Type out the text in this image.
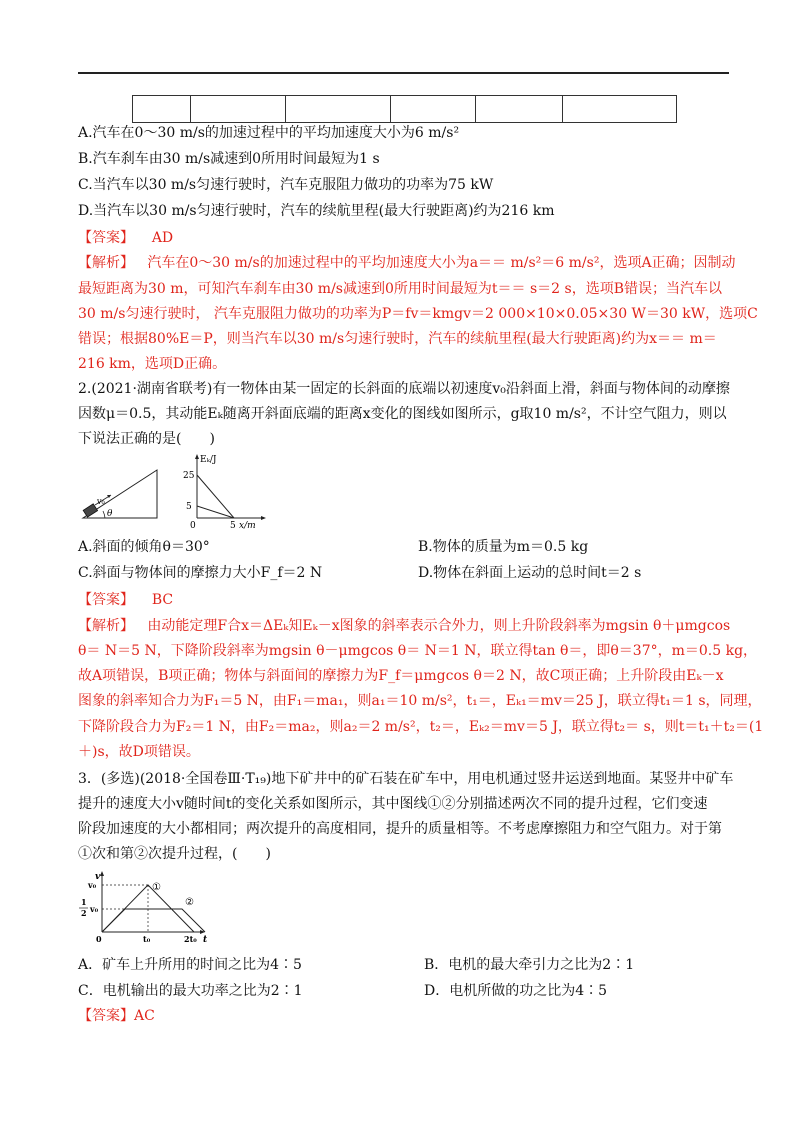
A.汽车在0～30 m/s的加速过程中的平均加速度大小为6 m/s²
B.汽车刹车由30 m/s减速到0所用时间最短为1 s
C.当汽车以30 m/s匀速行驶时，汽车克服阻力做功的功率为75 kW
D.当汽车以30 m/s匀速行驶时，汽车的续航里程(最大行驶距离)约为216 km
【答案】 AD
【解析】 汽车在0～30 m/s的加速过程中的平均加速度大小为a＝＝ m/s²＝6 m/s²，选项A正确；因制动
最短距离为30 m，可知汽车刹车由30 m/s减速到0所用时间最短为t＝＝ s＝2 s，选项B错误；当汽车以
30 m/s匀速行驶时， 汽车克服阻力做功的功率为P＝fv＝kmgv＝2 000×10×0.05×30 W＝30 kW，选项C
错误；根据80%E＝P，则当汽车以30 m/s匀速行驶时，汽车的续航里程(最大行驶距离)约为x＝＝ m＝
216 km，选项D正确。
2.(2021·湖南省联考)有一物体由某一固定的长斜面的底端以初速度v₀沿斜面上滑，斜面与物体间的动摩擦
因数μ＝0.5，其动能Eₖ随离开斜面底端的距离x变化的图线如图所示，g取10 m/s²，不计空气阻力，则以
下说法正确的是(　　)
v₀
θ
Eₖ/J
25
5
0	5 x/m
A.斜面的倾角θ＝30°	B.物体的质量为m＝0.5 kg
C.斜面与物体间的摩擦力大小F_f＝2 N	D.物体在斜面上运动的总时间t＝2 s
【答案】 BC
【解析】 由动能定理F合x＝ΔEₖ知Eₖ－x图象的斜率表示合外力，则上升阶段斜率为mgsin θ＋μmgcos
θ＝ N＝5 N，下降阶段斜率为mgsin θ－μmgcos θ＝ N＝1 N，联立得tan θ＝，即θ＝37°，m＝0.5 kg，
故A项错误，B项正确；物体与斜面间的摩擦力为F_f＝μmgcos θ＝2 N，故C项正确；上升阶段由Eₖ－x
图象的斜率知合力为F₁＝5 N，由F₁＝ma₁，则a₁＝10 m/s²，t₁＝，Eₖ₁＝mv＝25 J，联立得t₁＝1 s，同理，
下降阶段合力为F₂＝1 N，由F₂＝ma₂，则a₂＝2 m/s²，t₂＝，Eₖ₂＝mv＝5 J，联立得t₂＝ s，则t＝t₁＋t₂＝(1
＋)s，故D项错误。
3．(多选)(2018·全国卷Ⅲ·T₁₉)地下矿井中的矿石装在矿车中，用电机通过竖井运送到地面。某竖井中矿车
提升的速度大小v随时间t的变化关系如图所示，其中图线①②分别描述两次不同的提升过程，它们变速
阶段加速度的大小都相同；两次提升的高度相同，提升的质量相等。不考虑摩擦阻力和空气阻力。对于第
①次和第②次提升过程，(　　)
v
v₀
1
2 v₀
①
②
0	t₀	2t₀ t
A．矿车上升所用的时间之比为4∶5	B．电机的最大牵引力之比为2∶1
C．电机输出的最大功率之比为2∶1	D．电机所做的功之比为4∶5
【答案】AC
